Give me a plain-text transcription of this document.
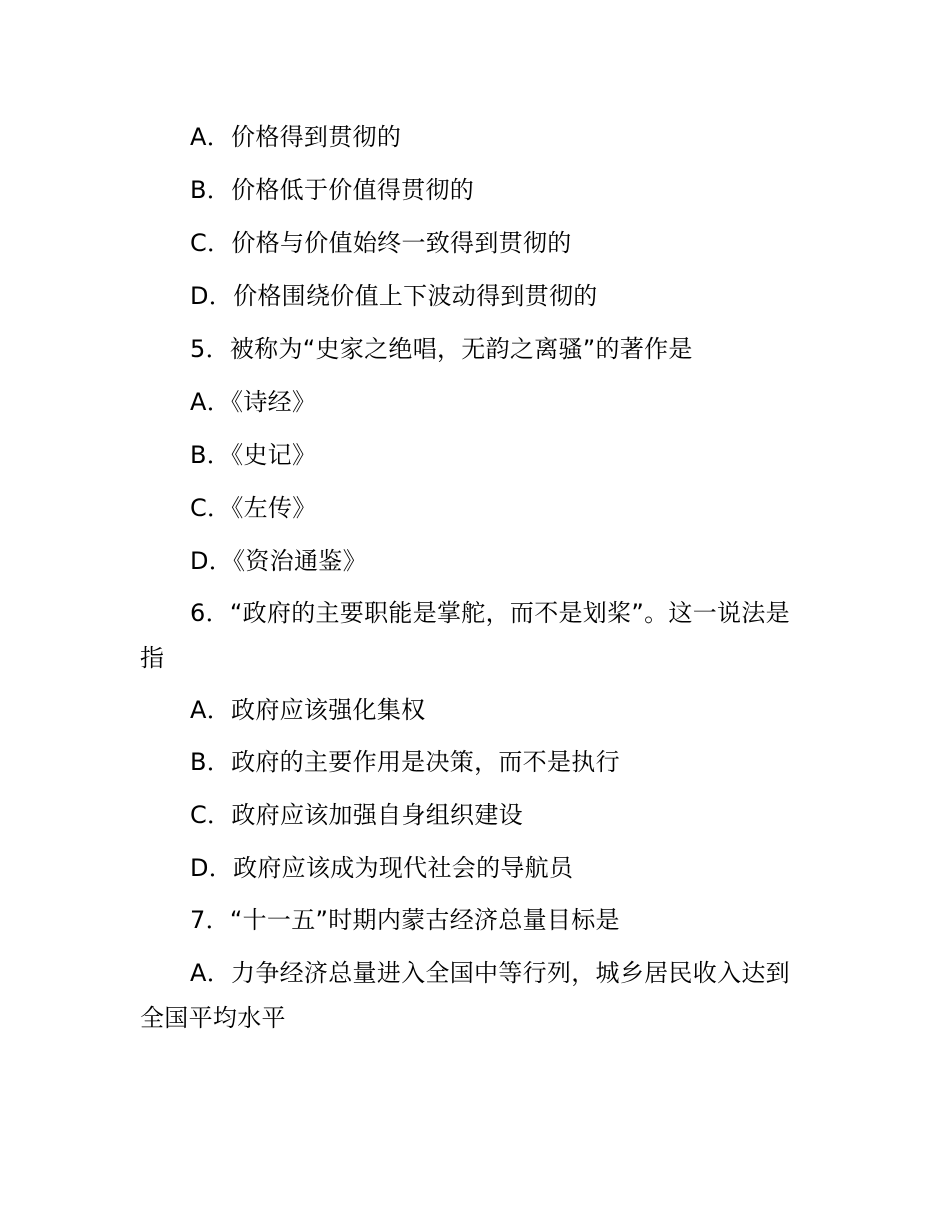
A．价格得到贯彻的
B．价格低于价值得贯彻的
C．价格与价值始终一致得到贯彻的
D．价格围绕价值上下波动得到贯彻的
5．被称为“史家之绝唱，无韵之离骚”的著作是
A．《诗经》
B．《史记》
C．《左传》
D．《资治通鉴》
6．“政府的主要职能是掌舵，而不是划桨”。这一说法是
指
A．政府应该强化集权
B．政府的主要作用是决策，而不是执行
C．政府应该加强自身组织建设
D．政府应该成为现代社会的导航员
7．“十一五”时期内蒙古经济总量目标是
A．力争经济总量进入全国中等行列，城乡居民收入达到
全国平均水平
